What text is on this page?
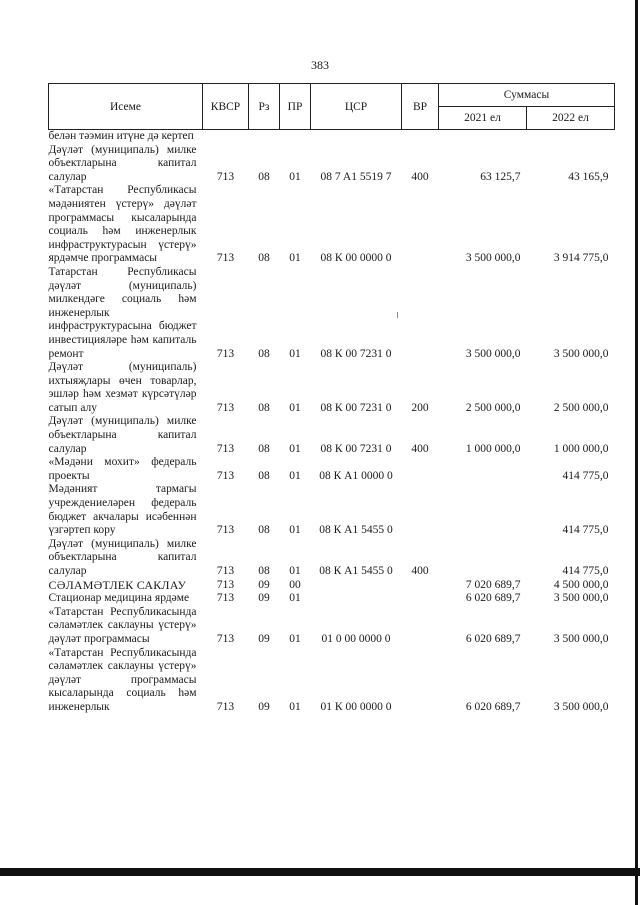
383
Исеме	КВСР	Рз	ПР	ЦСР	ВР	Суммасы	
						2021 ел	2022 ел
белән тәэмин итүне дә кертеп							
Дәүләт (муниципаль) милке объектларына капитал салулар	713	08	01	08 7 A1 5519 7	400	63 125,7	43 165,9
«Татарстан Республикасы мәдәниятен үстерү» дәүләт программасы кысаларында социаль һәм инженерлык инфраструктурасын үстерү» ярдәмче программасы	713	08	01	08 К 00 0000 0		3 500 000,0	3 914 775,0
Татарстан Республикасы дәүләт (муниципаль) милкендәге социаль һәм инженерлык инфраструктурасына бюджет инвестицияләре һәм капиталь ремонт	713	08	01	08 К 00 7231 0		3 500 000,0	3 500 000,0
Дәүләт (муниципаль) ихтыяҗлары өчен товарлар, эшләр һәм хезмәт күрсәтүләр сатып алу	713	08	01	08 К 00 7231 0	200	2 500 000,0	2 500 000,0
Дәүләт (муниципаль) милке объектларына капитал салулар	713	08	01	08 К 00 7231 0	400	1 000 000,0	1 000 000,0
«Мәдәни мохит» федераль проекты	713	08	01	08 К A1 0000 0			414 775,0
Мәдәният тармагы учреждениеләрен федераль бюджет акчалары исәбеннән үзгәртеп кору	713	08	01	08 К A1 5455 0			414 775,0
Дәүләт (муниципаль) милке объектларына капитал салулар	713	08	01	08 К A1 5455 0	400		414 775,0
СӘЛАМӘТЛЕК САКЛАУ	713	09	00			7 020 689,7	4 500 000,0
Стационар медицина ярдәме	713	09	01			6 020 689,7	3 500 000,0
«Татарстан Республикасында сәламәтлек саклауны үстерү» дәүләт программасы	713	09	01	01 0 00 0000 0		6 020 689,7	3 500 000,0
«Татарстан Республикасында сәламәтлек саклауны үстерү» дәүләт программасы кысаларында социаль һәм инженерлык	713	09	01	01 К 00 0000 0		6 020 689,7	3 500 000,0
